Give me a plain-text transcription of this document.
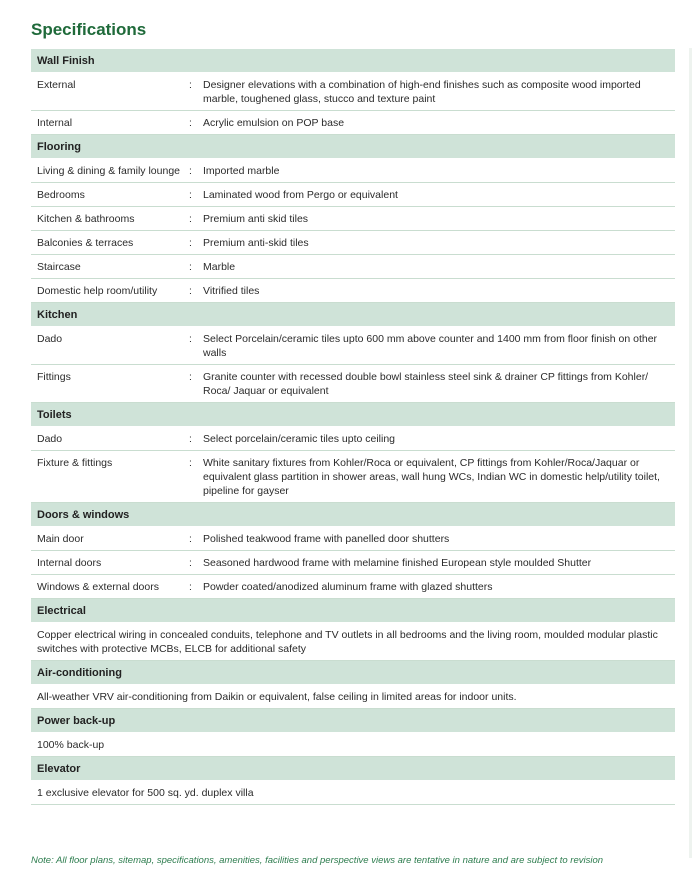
Specifications
Wall Finish
External	:	Designer elevations with a combination of high-end finishes such as composite wood imported marble, toughened glass, stucco and texture paint
Internal	:	Acrylic emulsion on POP base
Flooring
Living & dining & family lounge :	Imported marble
Bedrooms	:	Laminated wood from Pergo or equivalent
Kitchen & bathrooms	:	Premium anti skid tiles
Balconies & terraces	:	Premium anti-skid tiles
Staircase	:	Marble
Domestic help room/utility	:	Vitrified tiles
Kitchen
Dado	:	Select Porcelain/ceramic tiles upto 600 mm above counter and 1400 mm from floor finish on other walls
Fittings	:	Granite counter with recessed double bowl stainless steel sink & drainer CP fittings from Kohler/ Roca/ Jaquar or equivalent
Toilets
Dado	:	Select porcelain/ceramic tiles upto ceiling
Fixture & fittings	:	White sanitary fixtures from Kohler/Roca or equivalent, CP fittings from Kohler/Roca/Jaquar or equivalent glass partition in shower areas, wall hung WCs, Indian WC in domestic help/utility toilet, pipeline for gayser
Doors & windows
Main door	:	Polished teakwood frame with panelled door shutters
Internal doors	:	Seasoned hardwood frame with melamine finished European style moulded Shutter
Windows & external doors	:	Powder coated/anodized aluminum frame with glazed shutters
Electrical
Copper electrical wiring in concealed conduits, telephone and TV outlets in all bedrooms and the living room, moulded modular plastic switches with protective MCBs, ELCB for additional safety
Air-conditioning
All-weather VRV air-conditioning from Daikin or equivalent, false ceiling in limited areas for indoor units.
Power back-up
100% back-up
Elevator
1 exclusive elevator for 500 sq. yd. duplex villa
Note: All floor plans, sitemap, specifications, amenities, facilities and perspective views are tentative in nature and are subject to revision
